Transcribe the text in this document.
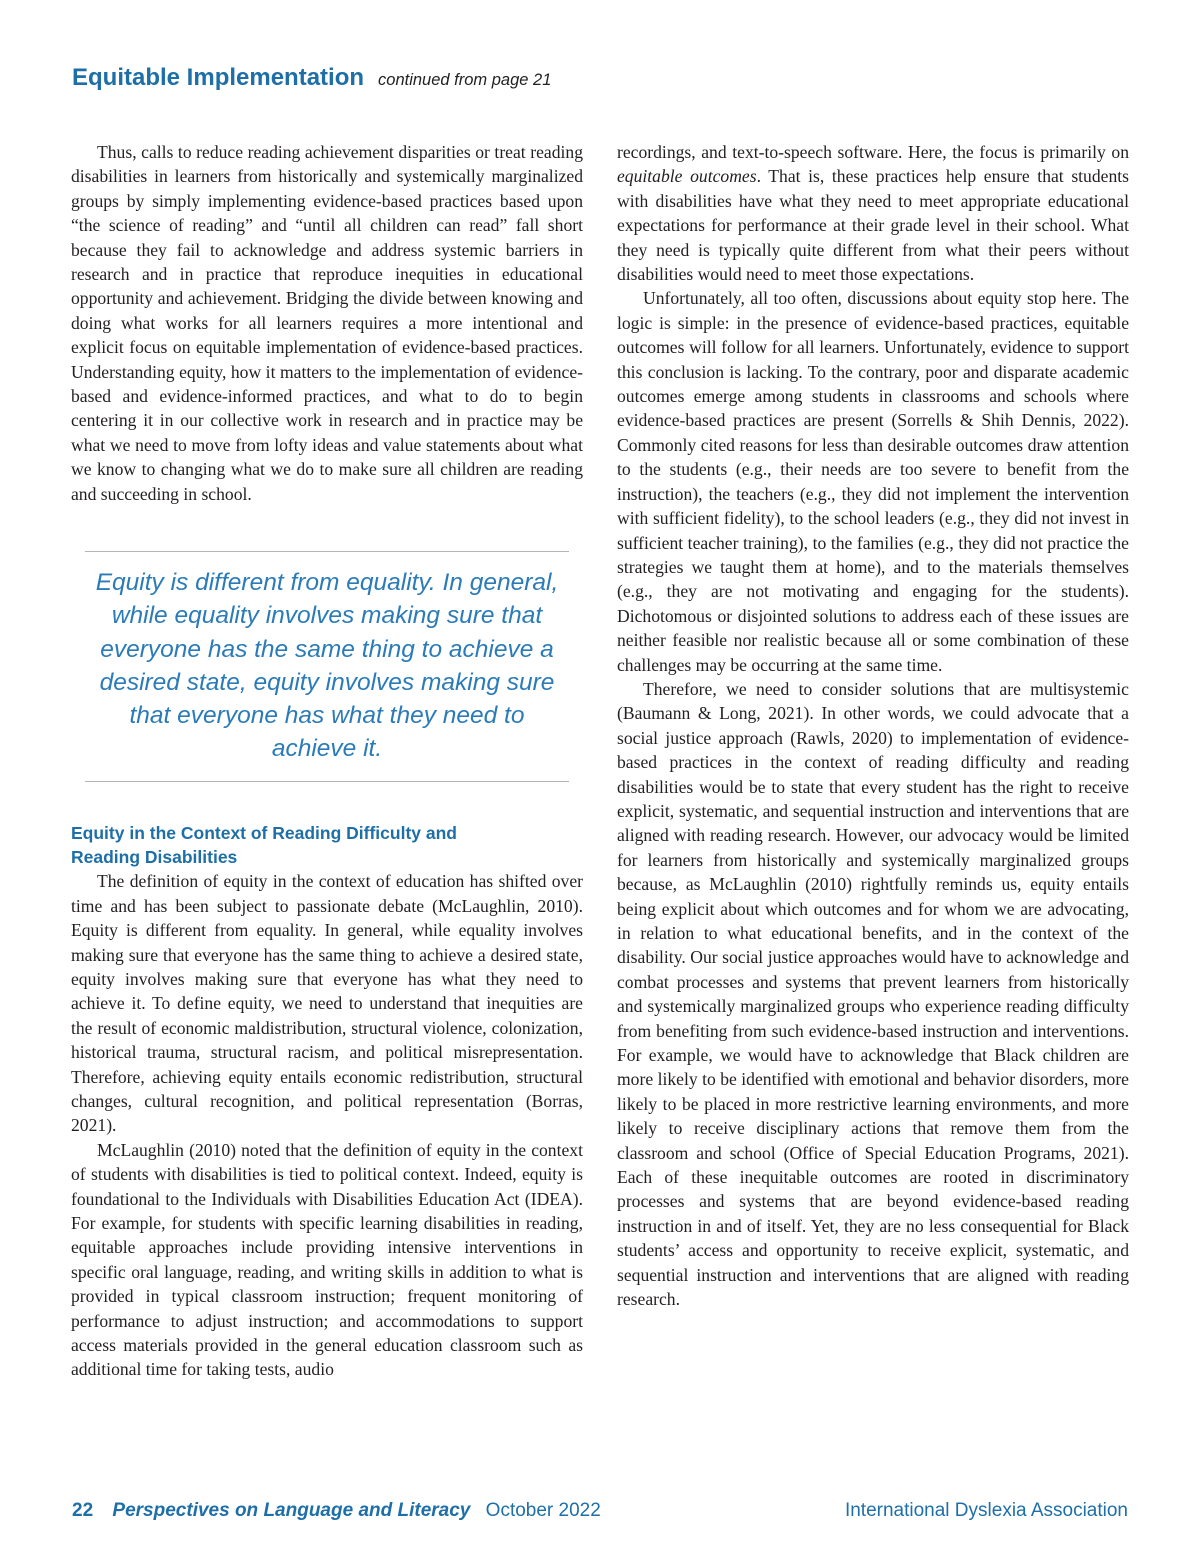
Equitable Implementation continued from page 21

Thus, calls to reduce reading achievement disparities or treat reading disabilities in learners from historically and systemically marginalized groups by simply implementing evidence-based practices based upon “the science of reading” and “until all children can read” fall short because they fail to acknowledge and address systemic barriers in research and in practice that reproduce inequities in educational opportunity and achievement. Bridging the divide between knowing and doing what works for all learners requires a more intentional and explicit focus on equitable implementation of evidence-based practices. Understanding equity, how it matters to the implementation of evidence-based and evidence-informed practices, and what to do to begin centering it in our collective work in research and in practice may be what we need to move from lofty ideas and value statements about what we know to changing what we do to make sure all children are reading and succeeding in school.

Equity is different from equality. In general, while equality involves making sure that everyone has the same thing to achieve a desired state, equity involves making sure that everyone has what they need to achieve it.
Equity in the Context of Reading Difficulty and Reading Disabilities

The definition of equity in the context of education has shifted over time and has been subject to passionate debate (McLaughlin, 2010). Equity is different from equality. In general, while equality involves making sure that everyone has the same thing to achieve a desired state, equity involves making sure that everyone has what they need to achieve it. To define equity, we need to understand that inequities are the result of economic maldistribution, structural violence, colonization, historical trauma, structural racism, and political misrepresentation. Therefore, achieving equity entails economic redistribution, structural changes, cultural recognition, and political representation (Borras, 2021).

McLaughlin (2010) noted that the definition of equity in the context of students with disabilities is tied to political context. Indeed, equity is foundational to the Individuals with Disabilities Education Act (IDEA). For example, for students with specific learning disabilities in reading, equitable approaches include providing intensive interventions in specific oral language, reading, and writing skills in addition to what is provided in typical classroom instruction; frequent monitoring of performance to adjust instruction; and accommodations to support access materials provided in the general education classroom such as additional time for taking tests, audio

recordings, and text-to-speech software. Here, the focus is primarily on equitable outcomes. That is, these practices help ensure that students with disabilities have what they need to meet appropriate educational expectations for performance at their grade level in their school. What they need is typically quite different from what their peers without disabilities would need to meet those expectations.

Unfortunately, all too often, discussions about equity stop here. The logic is simple: in the presence of evidence-based practices, equitable outcomes will follow for all learners. Unfortunately, evidence to support this conclusion is lacking. To the contrary, poor and disparate academic outcomes emerge among students in classrooms and schools where evidence-based practices are present (Sorrells & Shih Dennis, 2022). Commonly cited reasons for less than desirable outcomes draw attention to the students (e.g., their needs are too severe to benefit from the instruction), the teachers (e.g., they did not implement the intervention with sufficient fidelity), to the school leaders (e.g., they did not invest in sufficient teacher training), to the families (e.g., they did not practice the strategies we taught them at home), and to the materials themselves (e.g., they are not motivating and engaging for the students). Dichotomous or disjointed solutions to address each of these issues are neither feasible nor realistic because all or some combination of these challenges may be occurring at the same time.

Therefore, we need to consider solutions that are multisystemic (Baumann & Long, 2021). In other words, we could advocate that a social justice approach (Rawls, 2020) to implementation of evidence-based practices in the context of reading difficulty and reading disabilities would be to state that every student has the right to receive explicit, systematic, and sequential instruction and interventions that are aligned with reading research. However, our advocacy would be limited for learners from historically and systemically marginalized groups because, as McLaughlin (2010) rightfully reminds us, equity entails being explicit about which outcomes and for whom we are advocating, in relation to what educational benefits, and in the context of the disability. Our social justice approaches would have to acknowledge and combat processes and systems that prevent learners from historically and systemically marginalized groups who experience reading difficulty from benefiting from such evidence-based instruction and interventions. For example, we would have to acknowledge that Black children are more likely to be identified with emotional and behavior disorders, more likely to be placed in more restrictive learning environments, and more likely to receive disciplinary actions that remove them from the classroom and school (Office of Special Education Programs, 2021). Each of these inequitable outcomes are rooted in discriminatory processes and systems that are beyond evidence-based reading instruction in and of itself. Yet, they are no less consequential for Black students’ access and opportunity to receive explicit, systematic, and sequential instruction and interventions that are aligned with reading research.

22 Perspectives on Language and Literacy October 2022	International Dyslexia Association
